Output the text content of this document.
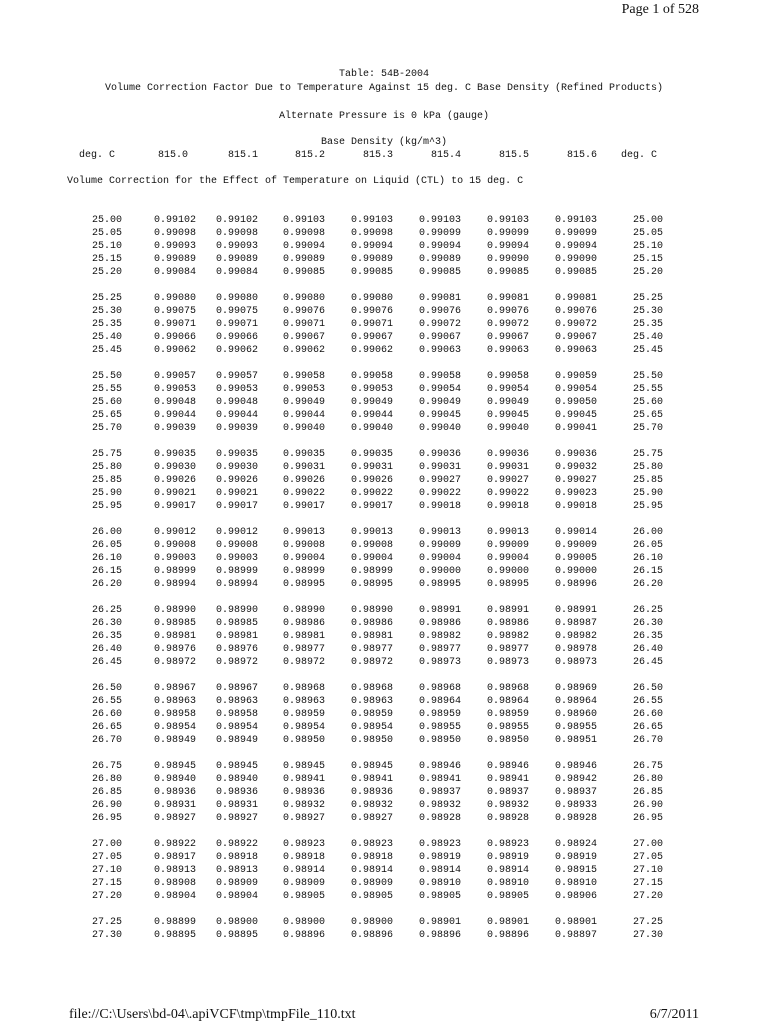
Page 1 of 528
Table: 54B-2004
Volume Correction Factor Due to Temperature Against 15 deg. C Base Density (Refined Products)
Alternate Pressure is 0 kPa (gauge)
Base Density (kg/m^3)
deg. C	815.0	815.1	815.2	815.3	815.4	815.5	815.6 deg. C
Volume Correction for the Effect of Temperature on Liquid (CTL) to 15 deg. C
25.00	0.99102 0.99102 0.99103	0.99103	0.99103	0.99103	0.99103	25.00
25.05	0.99098 0.99098 0.99098	0.99098	0.99099	0.99099	0.99099	25.05
25.10	0.99093 0.99093 0.99094	0.99094	0.99094	0.99094	0.99094	25.10
25.15	0.99089 0.99089 0.99089	0.99089	0.99089	0.99090	0.99090	25.15
25.20	0.99084 0.99084 0.99085	0.99085	0.99085	0.99085	0.99085	25.20
25.25	0.99080 0.99080 0.99080	0.99080	0.99081	0.99081	0.99081	25.25
25.30	0.99075 0.99075 0.99076	0.99076	0.99076	0.99076	0.99076	25.30
25.35	0.99071 0.99071 0.99071	0.99071	0.99072	0.99072	0.99072	25.35
25.40	0.99066 0.99066 0.99067	0.99067	0.99067	0.99067	0.99067	25.40
25.45	0.99062 0.99062 0.99062	0.99062	0.99063	0.99063	0.99063	25.45
25.50	0.99057 0.99057 0.99058	0.99058	0.99058	0.99058	0.99059	25.50
25.55	0.99053 0.99053 0.99053	0.99053	0.99054	0.99054	0.99054	25.55
25.60	0.99048 0.99048 0.99049	0.99049	0.99049	0.99049	0.99050	25.60
25.65	0.99044 0.99044 0.99044	0.99044	0.99045	0.99045	0.99045	25.65
25.70	0.99039 0.99039 0.99040	0.99040	0.99040	0.99040	0.99041	25.70
25.75	0.99035 0.99035 0.99035	0.99035	0.99036	0.99036	0.99036	25.75
25.80	0.99030 0.99030 0.99031	0.99031	0.99031	0.99031	0.99032	25.80
25.85	0.99026 0.99026 0.99026	0.99026	0.99027	0.99027	0.99027	25.85
25.90	0.99021 0.99021 0.99022	0.99022	0.99022	0.99022	0.99023	25.90
25.95	0.99017 0.99017 0.99017	0.99017	0.99018	0.99018	0.99018	25.95
26.00	0.99012 0.99012 0.99013	0.99013	0.99013	0.99013	0.99014	26.00
26.05	0.99008 0.99008 0.99008	0.99008	0.99009	0.99009	0.99009	26.05
26.10	0.99003 0.99003 0.99004	0.99004	0.99004	0.99004	0.99005	26.10
26.15	0.98999 0.98999 0.98999	0.98999	0.99000	0.99000	0.99000	26.15
26.20	0.98994 0.98994 0.98995	0.98995	0.98995	0.98995	0.98996	26.20
26.25	0.98990 0.98990 0.98990	0.98990	0.98991	0.98991	0.98991	26.25
26.30	0.98985 0.98985 0.98986	0.98986	0.98986	0.98986	0.98987	26.30
26.35	0.98981 0.98981 0.98981	0.98981	0.98982	0.98982	0.98982	26.35
26.40	0.98976 0.98976 0.98977	0.98977	0.98977	0.98977	0.98978	26.40
26.45	0.98972 0.98972 0.98972	0.98972	0.98973	0.98973	0.98973	26.45
26.50	0.98967 0.98967 0.98968	0.98968	0.98968	0.98968	0.98969	26.50
26.55	0.98963 0.98963 0.98963	0.98963	0.98964	0.98964	0.98964	26.55
26.60	0.98958 0.98958 0.98959	0.98959	0.98959	0.98959	0.98960	26.60
26.65	0.98954 0.98954 0.98954	0.98954	0.98955	0.98955	0.98955	26.65
26.70	0.98949 0.98949 0.98950	0.98950	0.98950	0.98950	0.98951	26.70
26.75	0.98945 0.98945 0.98945	0.98945	0.98946	0.98946	0.98946	26.75
26.80	0.98940 0.98940 0.98941	0.98941	0.98941	0.98941	0.98942	26.80
26.85	0.98936 0.98936 0.98936	0.98936	0.98937	0.98937	0.98937	26.85
26.90	0.98931 0.98931 0.98932	0.98932	0.98932	0.98932	0.98933	26.90
26.95	0.98927 0.98927 0.98927	0.98927	0.98928	0.98928	0.98928	26.95
27.00	0.98922 0.98922 0.98923	0.98923	0.98923	0.98923	0.98924	27.00
27.05	0.98917 0.98918 0.98918	0.98918	0.98919	0.98919	0.98919	27.05
27.10	0.98913 0.98913 0.98914	0.98914	0.98914	0.98914	0.98915	27.10
27.15	0.98908 0.98909 0.98909	0.98909	0.98910	0.98910	0.98910	27.15
27.20	0.98904 0.98904 0.98905	0.98905	0.98905	0.98905	0.98906	27.20
27.25	0.98899 0.98900 0.98900	0.98900	0.98901	0.98901	0.98901	27.25
27.30	0.98895 0.98895 0.98896	0.98896	0.98896	0.98896	0.98897	27.30
file://C:\Users\bd-04\.apiVCF\tmp\tmpFile_110.txt	6/7/2011
